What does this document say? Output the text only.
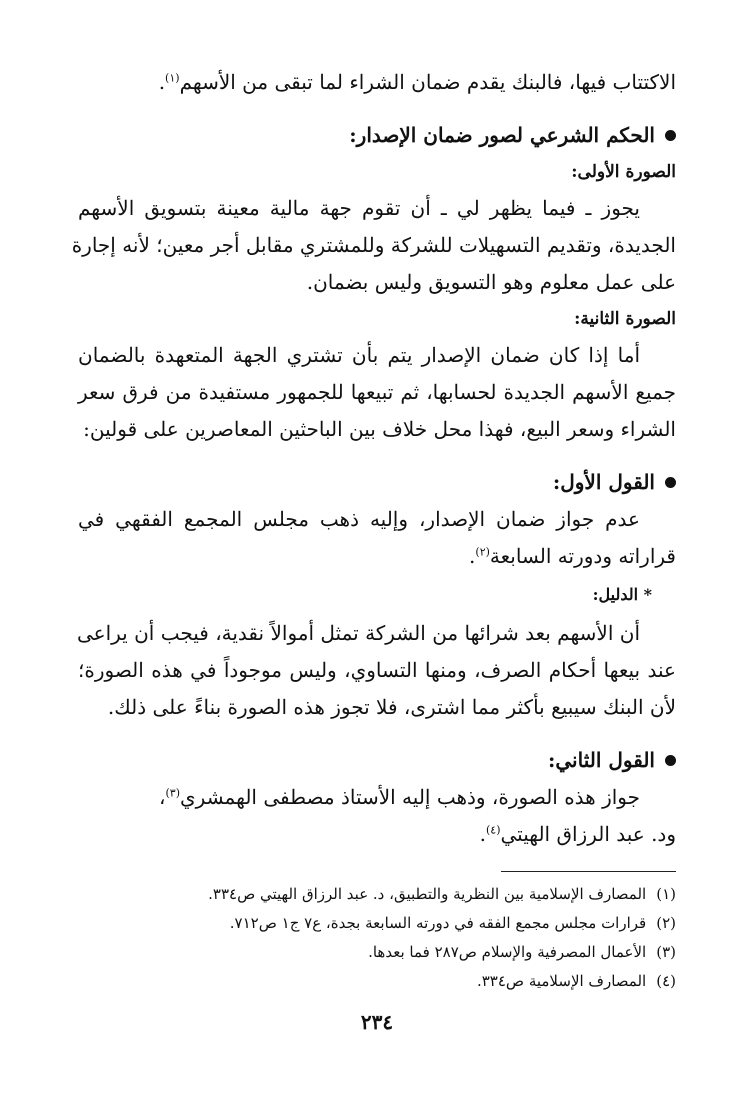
الاكتتاب فيها، فالبنك يقدم ضمان الشراء لما تبقى من الأسهم$^{(١)}$.
الحكم الشرعي لصور ضمان الإصدار:
الصورة الأولى:
يجوز ـ فيما يظهر لي ـ أن تقوم جهة مالية معينة بتسويق الأسهم
الجديدة، وتقديم التسهيلات للشركة وللمشتري مقابل أجر معين؛ لأنه إجارة
على عمل معلوم وهو التسويق وليس بضمان.
الصورة الثانية:
أما إذا كان ضمان الإصدار يتم بأن تشتري الجهة المتعهدة بالضمان
جميع الأسهم الجديدة لحسابها، ثم تبيعها للجمهور مستفيدة من فرق سعر
الشراء وسعر البيع، فهذا محل خلاف بين الباحثين المعاصرين على قولين:
القول الأول:
عدم جواز ضمان الإصدار، وإليه ذهب مجلس المجمع الفقهي في
قراراته ودورته السابعة$^{(٢)}$.
* الدليل:
أن الأسهم بعد شرائها من الشركة تمثل أموالاً نقدية، فيجب أن يراعى
عند بيعها أحكام الصرف، ومنها التساوي، وليس موجوداً في هذه الصورة؛
لأن البنك سيبيع بأكثر مما اشترى، فلا تجوز هذه الصورة بناءً على ذلك.
القول الثاني:
جواز هذه الصورة، وذهب إليه الأستاذ مصطفى الهمشري$^{(٣)}$،
ود. عبد الرزاق الهيتي$^{(٤)}$.
(١)المصارف الإسلامية بين النظرية والتطبيق، د. عبد الرزاق الهيتي ص٣٣٤.
(٢)قرارات مجلس مجمع الفقه في دورته السابعة بجدة، ع٧ ج١ ص٧١٢.
(٣)الأعمال المصرفية والإسلام ص٢٨٧ فما بعدها.
(٤)المصارف الإسلامية ص٣٣٤.
٢٣٤
